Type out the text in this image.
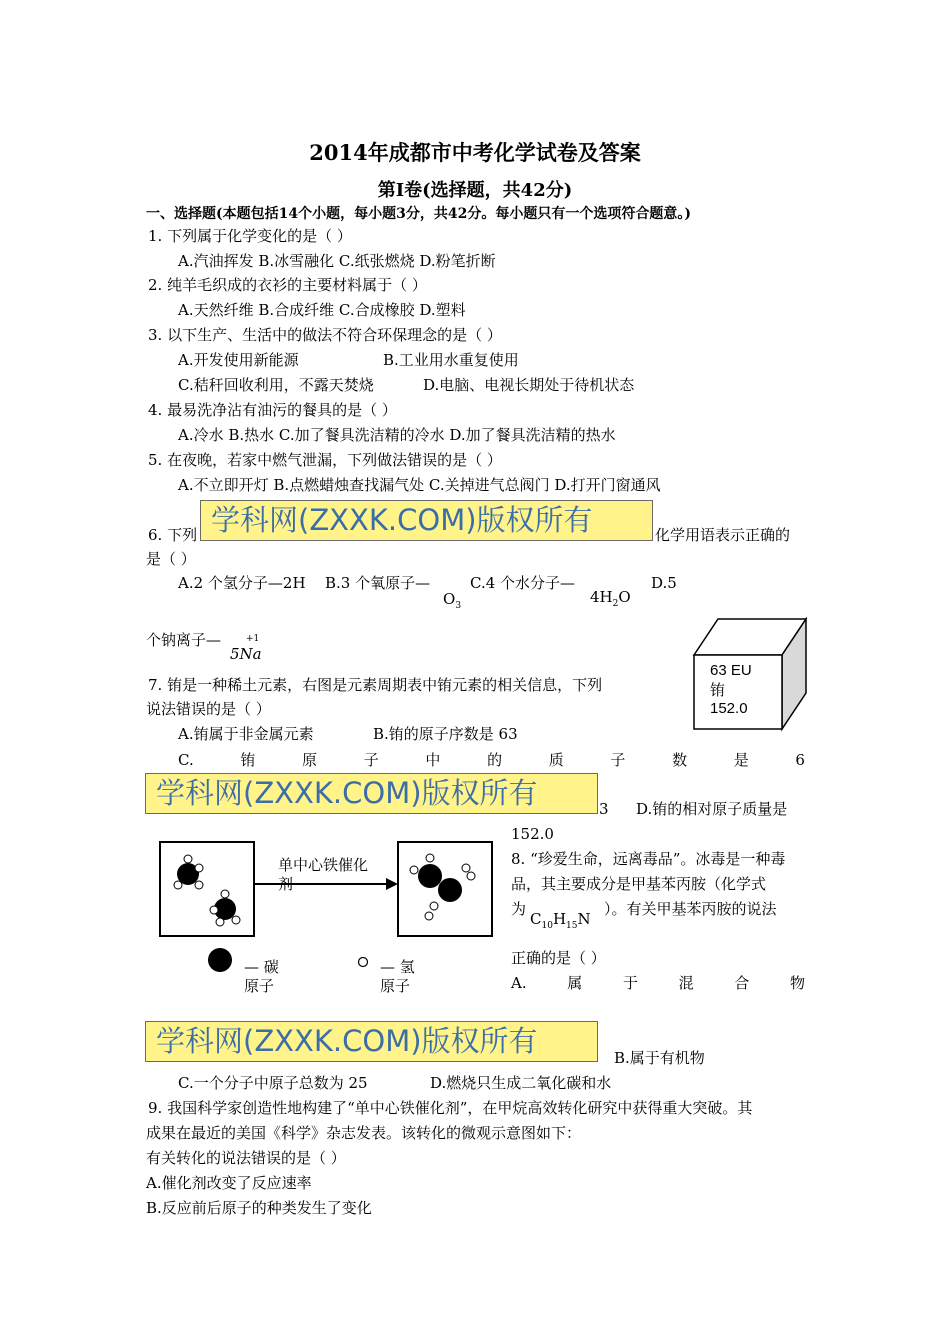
2014年成都市中考化学试卷及答案
第I卷(选择题，共42分)
一、选择题(本题包括14个小题，每小题3分，共42分。每小题只有一个选项符合题意。)
1. 下列属于化学变化的是（ ）
A.汽油挥发 B.冰雪融化 C.纸张燃烧 D.粉笔折断
2. 纯羊毛织成的衣衫的主要材料属于（ ）
A.天然纤维 B.合成纤维 C.合成橡胶 D.塑料
3. 以下生产、生活中的做法不符合环保理念的是（ ）
A.开发使用新能源	B.工业用水重复使用
C.秸秆回收利用，不露天焚烧	D.电脑、电视长期处于待机状态
4. 最易洗净沾有油污的餐具的是（ ）
A.冷水 B.热水 C.加了餐具洗洁精的冷水 D.加了餐具洗洁精的热水
5. 在夜晚，若家中燃气泄漏，下列做法错误的是（ ）
A.不立即开灯 B.点燃蜡烛查找漏气处 C.关掉进气总阀门 D.打开门窗通风
6. 下列 学科网(ZXXK.COM)版权所有	化学用语表示正确的
是（ ）
A.2 个氢分子—2H B.3 个氧原子—
$O_3$
C.4 个水分子—
$4H_2O$
D.5
个钠离子—	+1
5Na
63 EU
铕
152.0
7. 铕是一种稀土元素，右图是元素周期表中铕元素的相关信息，下列
说法错误的是（ ）
A.铕属于非金属元素	B.铕的原子序数是 63
C.	铕	原	子	中	的	质	子	数	是	6
学科网(ZXXK.COM)版权所有	3 D.铕的相对原子质量是
152.0
单中心铁催化
剂
— 碳
原子
— 氢
原子
8. “珍爱生命，远离毒品”。冰毒是一种毒
品，其主要成分是甲基苯丙胺（化学式
为
$C_{10}H_{15}N$
）。有关甲基苯丙胺的说法
正确的是（ ）
A.	属	于	混	合	物
学科网(ZXXK.COM)版权所有	B.属于有机物
C.一个分子中原子总数为 25	D.燃烧只生成二氧化碳和水
9. 我国科学家创造性地构建了“单中心铁催化剂”，在甲烷高效转化研究中获得重大突破。其
成果在最近的美国《科学》杂志发表。该转化的微观示意图如下：
有关转化的说法错误的是（ ）
A.催化剂改变了反应速率
B.反应前后原子的种类发生了变化
